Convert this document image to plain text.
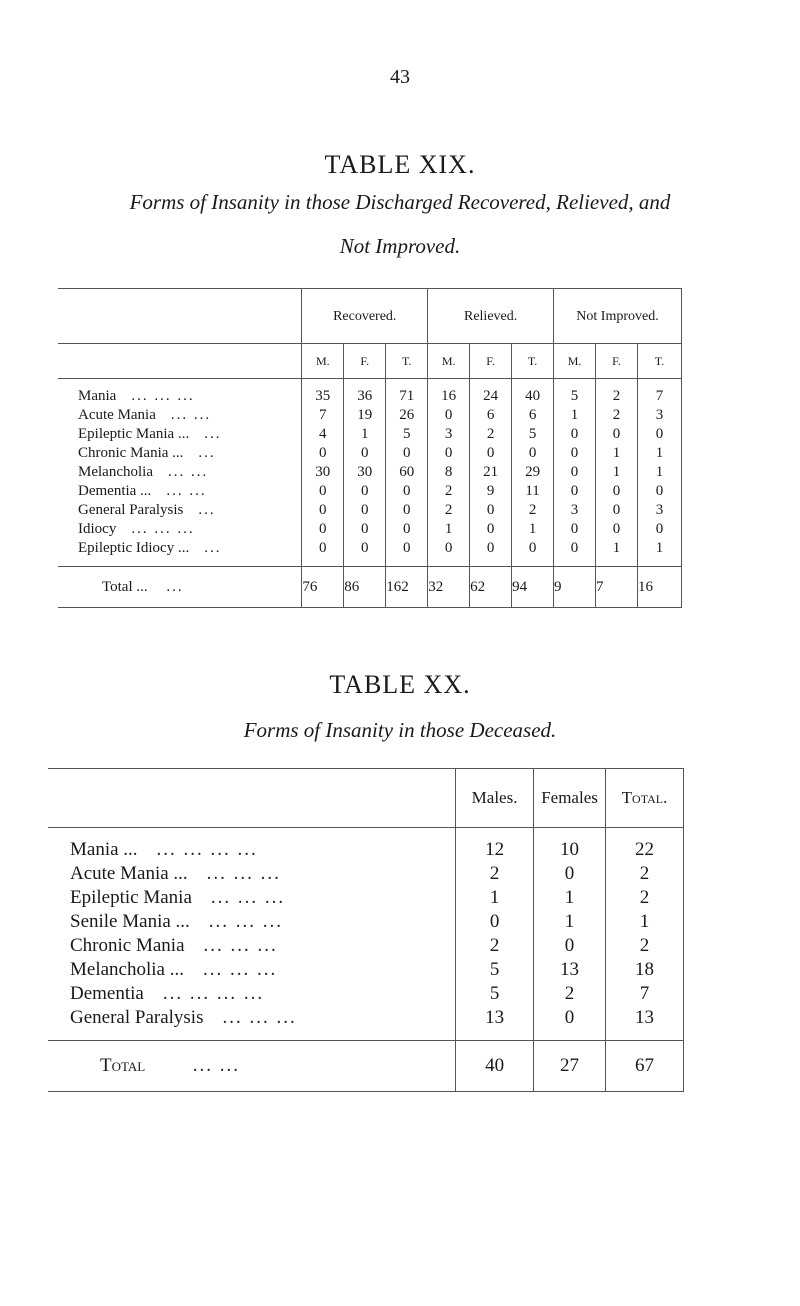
43
TABLE XIX.
Forms of Insanity in those Discharged Recovered, Relieved, and
Not Improved.
	Recovered.			Relieved.			Not Improved.		
	M.	F.	T.	M.	F.	T.	M.	F.	T.

Mania ... ... ...	35	36	71	16	24	40	5	2	7
Acute Mania ... ...	7	19	26	0	6	6	1	2	3
Epileptic Mania ... ...	4	1	5	3	2	5	0	0	0
Chronic Mania ... ...	0	0	0	0	0	0	0	1	1
Melancholia ... ...	30	30	60	8	21	29	0	1	1
Dementia ... ... ...	0	0	0	2	9	11	0	0	0
General Paralysis ...	0	0	0	2	0	2	3	0	3
Idiocy ... ... ...	0	0	0	1	0	1	0	0	0
Epileptic Idiocy ... ...	0	0	0	0	0	0	0	1	1

Total ... ...	76	86	162	32	62	94	9	7	16
TABLE XX.
Forms of Insanity in those Deceased.
	Males.	Females	Total.

Mania ... ... ... ... ...	12	10	22
Acute Mania ... ... ... ...	2	0	2
Epileptic Mania ... ... ...	1	1	2
Senile Mania ... ... ... ...	0	1	1
Chronic Mania ... ... ...	2	0	2
Melancholia ... ... ... ...	5	13	18
Dementia ... ... ... ...	5	2	7
General Paralysis ... ... ...	13	0	13

Total ... ...	40	27	67
